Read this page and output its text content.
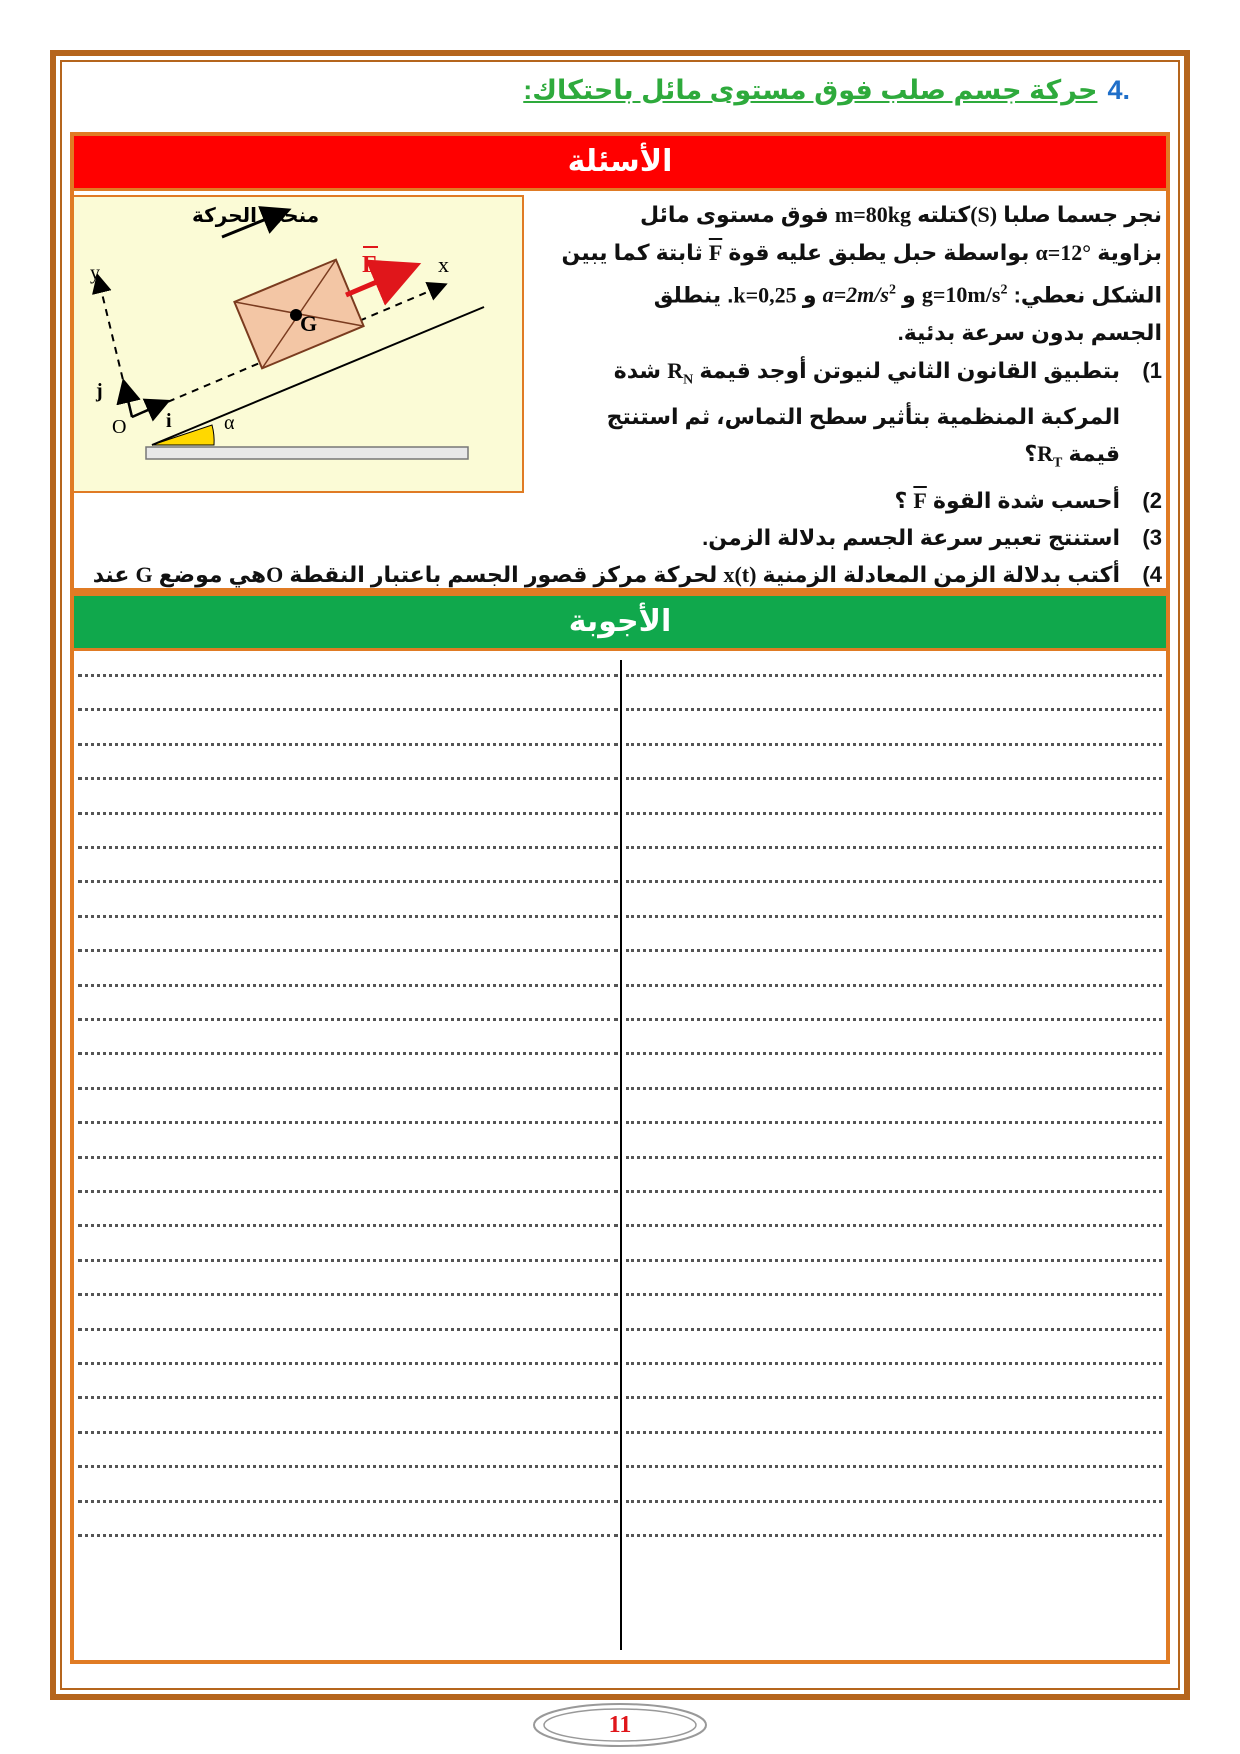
.4حركة جسم صلب فوق مستوى مائل باحتكاك:
الأسئلة
منحى الحركة
F	x
y
G
O i
j
α
نجر جسما صلبا (S)كتلته m=80kg فوق مستوى مائل
بزاوية α=12° بواسطة حبل يطبق عليه قوة $\overline{F}$ ثابتة كما يبين
الشكل نعطي: $g=10m/s^2$ و $a=2m/s^2$ و k=0,25. ينطلق
الجسم بدون سرعة بدئية.
1)
بتطبيق القانون الثاني لنيوتن أوجد قيمة $R_N$ شدة المركبة المنظمية بتأثير سطح التماس، ثم استنتج قيمة $R_T؟$
2)
أحسب شدة القوة $\overline{F}$ ؟
3)
استنتج تعبير سرعة الجسم بدلالة الزمن.
4)
أكتب بدلالة الزمن المعادلة الزمنية x(t) لحركة مركز قصور الجسم باعتبار النقطة Oهي موضع G عند
الأجوبة
11
